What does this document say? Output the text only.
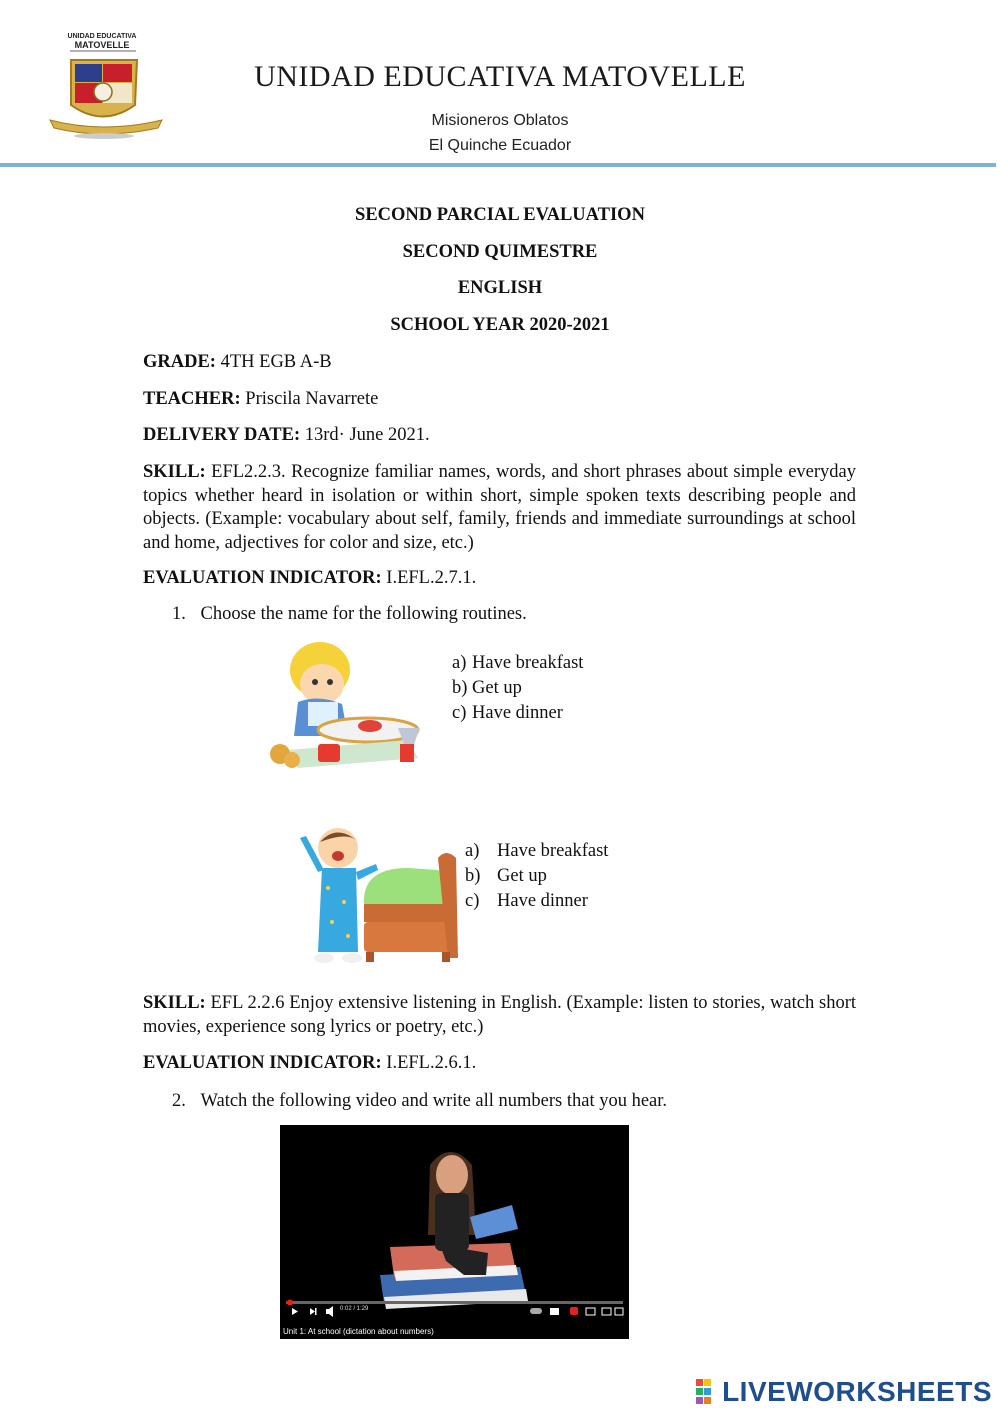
UNIDAD EDUCATIVA
MATOVELLE
UNIDAD EDUCATIVA MATOVELLE
Misioneros Oblatos
El Quinche Ecuador
SECOND PARCIAL EVALUATION
SECOND QUIMESTRE
ENGLISH
SCHOOL YEAR 2020-2021
GRADE: 4TH EGB A-B
TEACHER: Priscila Navarrete
DELIVERY DATE: 13rd· June 2021.
SKILL: EFL2.2.3. Recognize familiar names, words, and short phrases about simple everyday topics whether heard in isolation or within short, simple spoken texts describing people and objects. (Example: vocabulary about self, family, friends and immediate surroundings at school and home, adjectives for color and size, etc.)
EVALUATION INDICATOR: I.EFL.2.7.1.
1. Choose the name for the following routines.
a) Have breakfast
b) Get up
c) Have dinner
a) Have breakfast
b) Get up
c) Have dinner
SKILL: EFL 2.2.6 Enjoy extensive listening in English. (Example: listen to stories, watch short movies, experience song lyrics or poetry, etc.)
EVALUATION INDICATOR: I.EFL.2.6.1.
2. Watch the following video and write all numbers that you hear.
0:02 / 1:29
Unit 1: At school (dictation about numbers)
LIVEWORKSHEETS
